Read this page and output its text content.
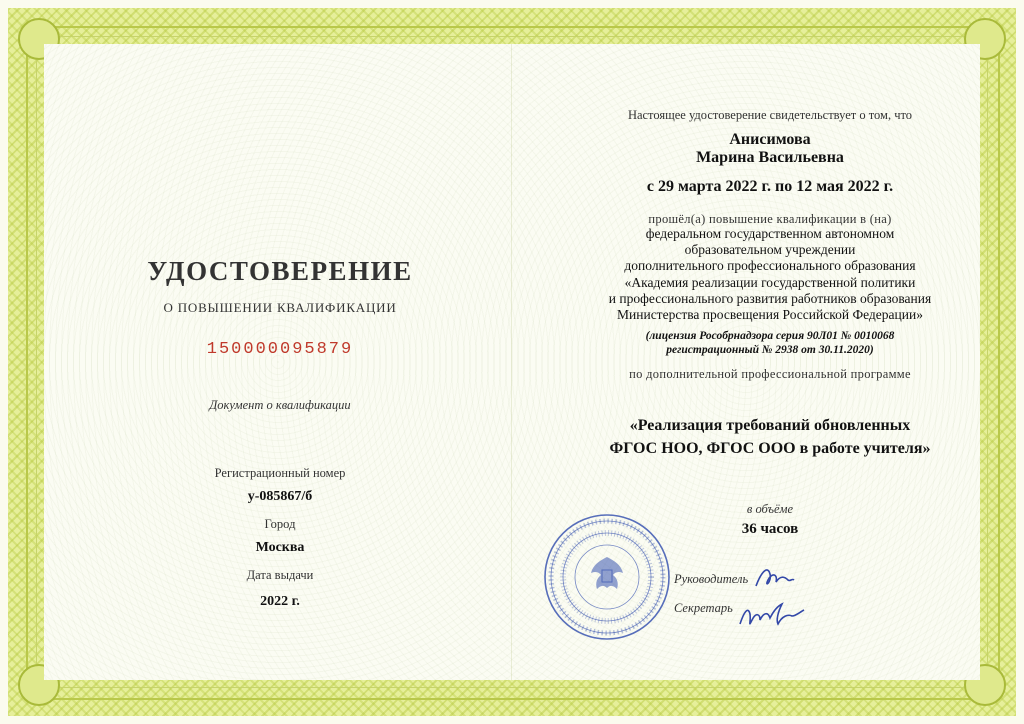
УДОСТОВЕРЕНИЕ
О ПОВЫШЕНИИ КВАЛИФИКАЦИИ
150000095879
Документ о квалификации
Регистрационный номер
у-085867/б
Город
Москва
Дата выдачи
2022 г.
Настоящее удостоверение свидетельствует о том, что
Анисимова
Марина Васильевна
с 29 марта 2022 г. по 12 мая 2022 г.
прошёл(а) повышение квалификации в (на)
федеральном государственном автономном
образовательном учреждении
дополнительного профессионального образования
«Академия реализации государственной политики
и профессионального развития работников образования
Министерства просвещения Российской Федерации»
(лицензия Рособрнадзора серия 90Л01 № 0010068
регистрационный № 2938 от 30.11.2020)
по дополнительной профессиональной программе
«Реализация требований обновленных
ФГОС НОО, ФГОС ООО в работе учителя»
в объёме
36 часов
Руководитель
Секретарь
